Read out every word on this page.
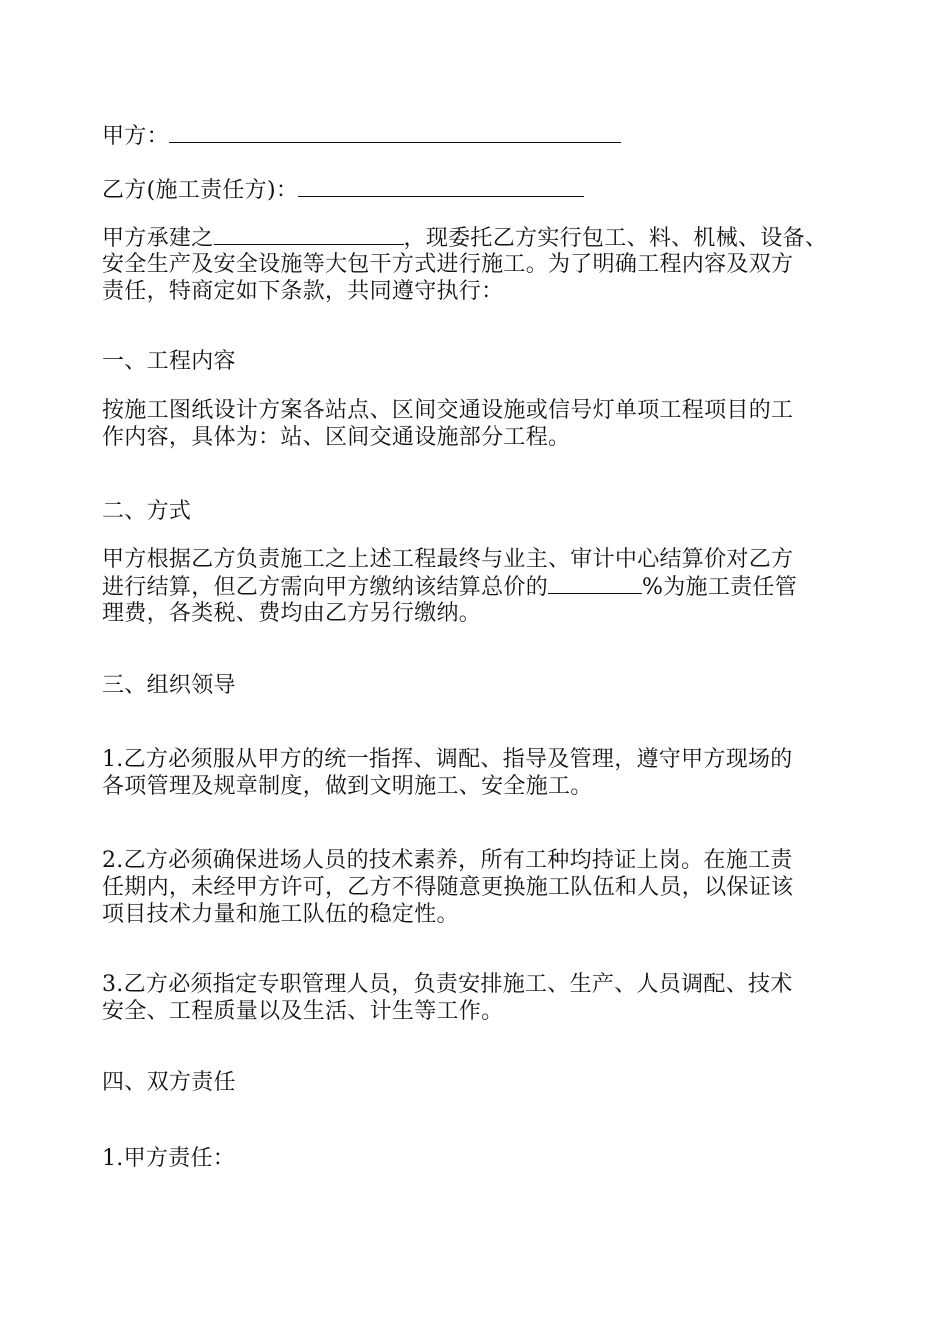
甲方：
乙方(施工责任方)：
甲方承建之	，现委托乙方实行包工、料、机械、设备、
安全生产及安全设施等大包干方式进行施工。为了明确工程内容及双方
责任，特商定如下条款，共同遵守执行：
一、工程内容
按施工图纸设计方案各站点、区间交通设施或信号灯单项工程项目的工
作内容，具体为：站、区间交通设施部分工程。
二、方式
甲方根据乙方负责施工之上述工程最终与业主、审计中心结算价对乙方
进行结算，但乙方需向甲方缴纳该结算总价的	%为施工责任管
理费，各类税、费均由乙方另行缴纳。
三、组织领导
1.乙方必须服从甲方的统一指挥、调配、指导及管理，遵守甲方现场的
各项管理及规章制度，做到文明施工、安全施工。
2.乙方必须确保进场人员的技术素养，所有工种均持证上岗。在施工责
任期内，未经甲方许可，乙方不得随意更换施工队伍和人员，以保证该
项目技术力量和施工队伍的稳定性。
3.乙方必须指定专职管理人员，负责安排施工、生产、人员调配、技术
安全、工程质量以及生活、计生等工作。
四、双方责任
1.甲方责任：
